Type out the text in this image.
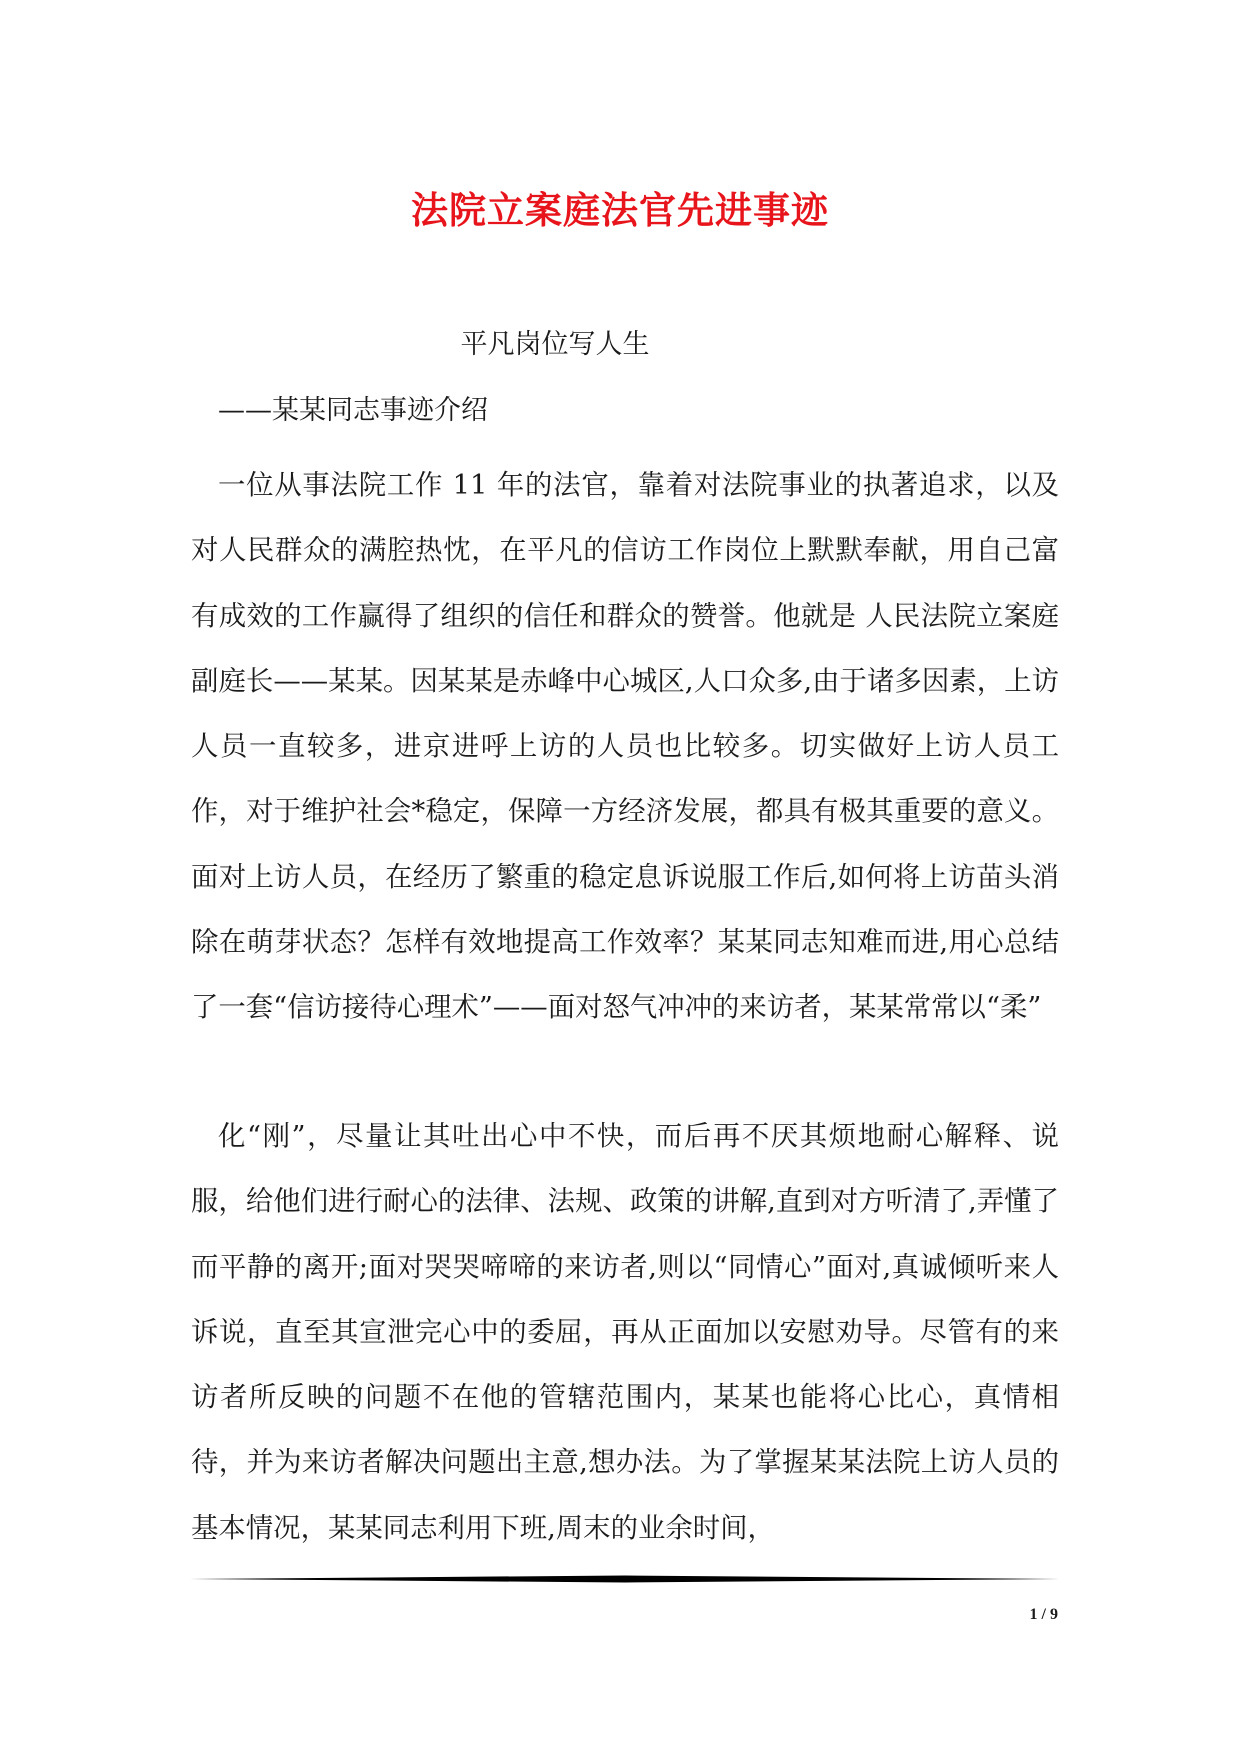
法院立案庭法官先进事迹
平凡岗位写人生
——某某同志事迹介绍

一位从事法院工作 11 年的法官，靠着对法院事业的执著追求，以及对人民群众的满腔热忱，在平凡的信访工作岗位上默默奉献，用自己富有成效的工作赢得了组织的信任和群众的赞誉。他就是 人民法院立案庭副庭长——某某。因某某是赤峰中心城区,人口众多,由于诸多因素，上访人员一直较多，进京进呼上访的人员也比较多。切实做好上访人员工作，对于维护社会*稳定，保障一方经济发展，都具有极其重要的意义。面对上访人员，在经历了繁重的稳定息诉说服工作后,如何将上访苗头消除在萌芽状态？怎样有效地提高工作效率？某某同志知难而进,用心总结了一套“信访接待心理术”——面对怒气冲冲的来访者，某某常常以“柔”

化“刚”，尽量让其吐出心中不快，而后再不厌其烦地耐心解释、说服，给他们进行耐心的法律、法规、政策的讲解,直到对方听清了,弄懂了而平静的离开;面对哭哭啼啼的来访者,则以“同情心”面对,真诚倾听来人诉说，直至其宣泄完心中的委屈，再从正面加以安慰劝导。尽管有的来访者所反映的问题不在他的管辖范围内，某某也能将心比心，真情相待，并为来访者解决问题出主意,想办法。为了掌握某某法院上访人员的基本情况，某某同志利用下班,周末的业余时间，

1 / 9
